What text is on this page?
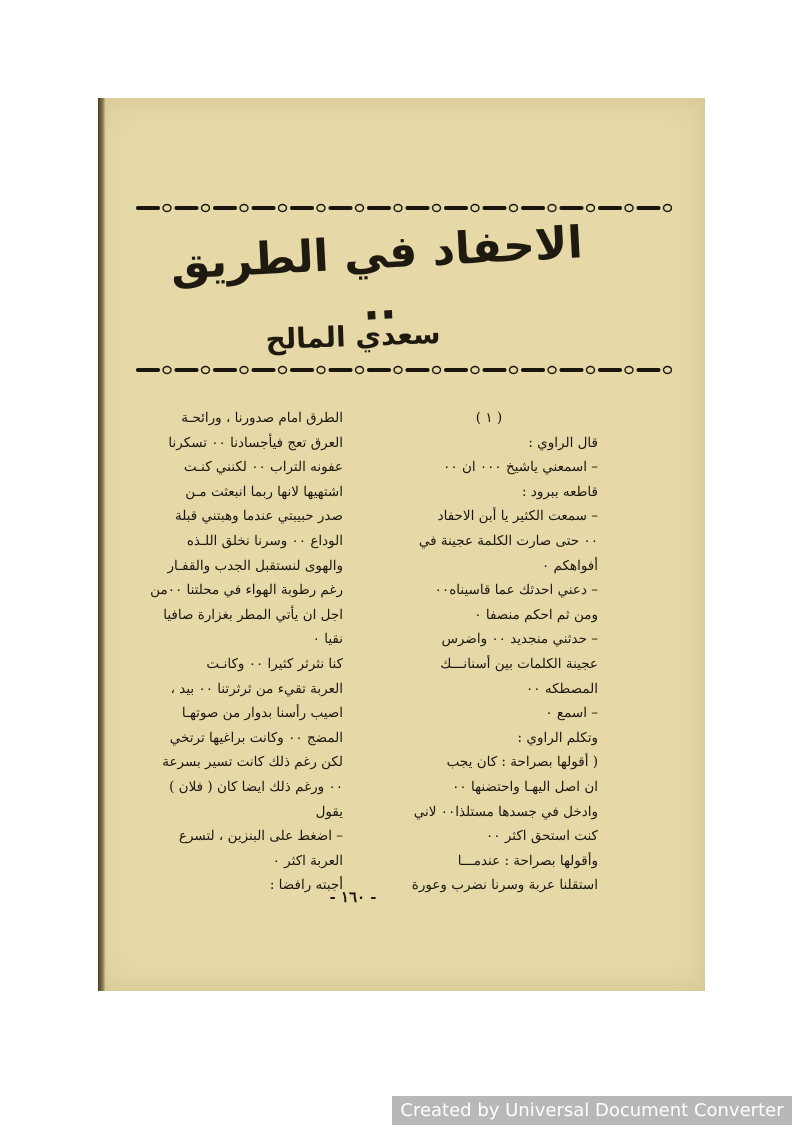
الاحفاد في الطريق ..
سعدي المالح
( ١ )
قال الراوي :
– اسمعني ياشيخ ٠٠٠ ان ٠٠
قاطعه ببرود :
– سمعت الكثير يا أبن الاحفاد
٠٠ حتى صارت الكلمة عجينة في
أفواهكم ٠
– دعني احدثك عما قاسيناه٠٠
ومن ثم احكم منصفا ٠
– حدثني منجديد ٠٠ واضرس
عجينة الكلمات بين أسنانـــك
المصطكه ٠٠
– اسمع ٠
وتكلم الراوي :
( أقولها بصراحة : كان يجب
ان اصل اليهـا واحتضنها ٠٠
وادخل في جسدها مستلذا٠٠ لاني
كنت استحق اكثر ٠٠
وأقولها بصراحة : عندمـــا
استقلنا عربة وسرنا نضرب وعورة
الطرق امام صدورنا ، ورائحـة
العرق تعج فيأجسادنا ٠٠ تسكرنا
عفونه التراب ٠٠ لكنني كنـت
اشتهيها لانها ربما انبعثت مـن
صدر حبيبتي عندما وهبتني قبلة
الوداع ٠٠ وسرنا نخلق اللـذه
والهوى لنستقبل الجدب والقفـار
رغم رطوبة الهواء في محلتنا ٠٠من
اجل ان يأتي المطر بغزارة صافيا
نقيا ٠
كنا نثرثر كثيرا ٠٠ وكانـت
العربة تقيء من ثرثرتنا ٠٠ بيد ،
اصيب رأسنا بدوار من صوتهـا
المضج ٠٠ وكانت براغيها ترتخي
لكن رغم ذلك كانت تسير بسرعة
٠٠ ورغم ذلك ايضا كان ( فلان )
يقول
– اضغط على البنزين ، لتسرع
العربة اكثر ٠
أجبته رافضا :
- ١٦٠ -
Created by Universal Document Converter
